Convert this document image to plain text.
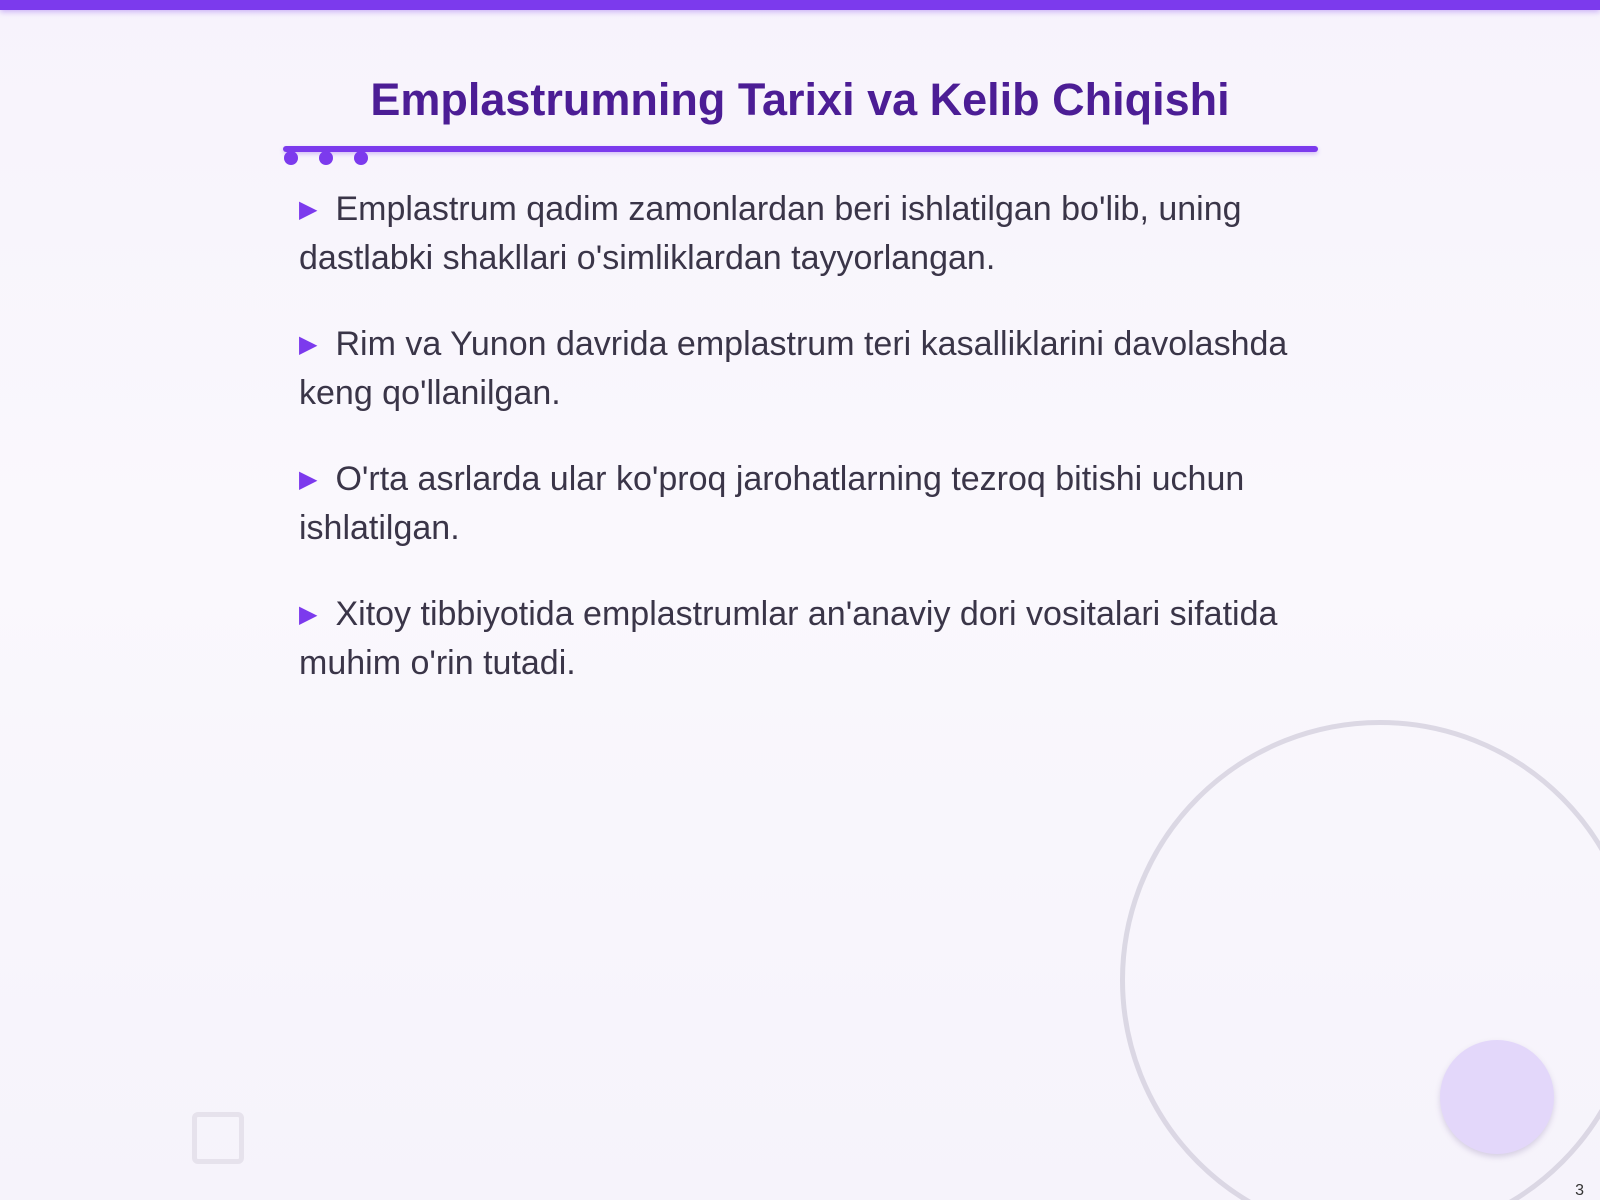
Emplastrumning Tarixi va Kelib Chiqishi
▶ Emplastrum qadim zamonlardan beri ishlatilgan bo'lib, uning dastlabki shakllari o'simliklardan tayyorlangan.
▶ Rim va Yunon davrida emplastrum teri kasalliklarini davolashda keng qo'llanilgan.
▶ O'rta asrlarda ular ko'proq jarohatlarning tezroq bitishi uchun ishlatilgan.
▶ Xitoy tibbiyotida emplastrumlar an'anaviy dori vositalari sifatida muhim o'rin tutadi.
3
